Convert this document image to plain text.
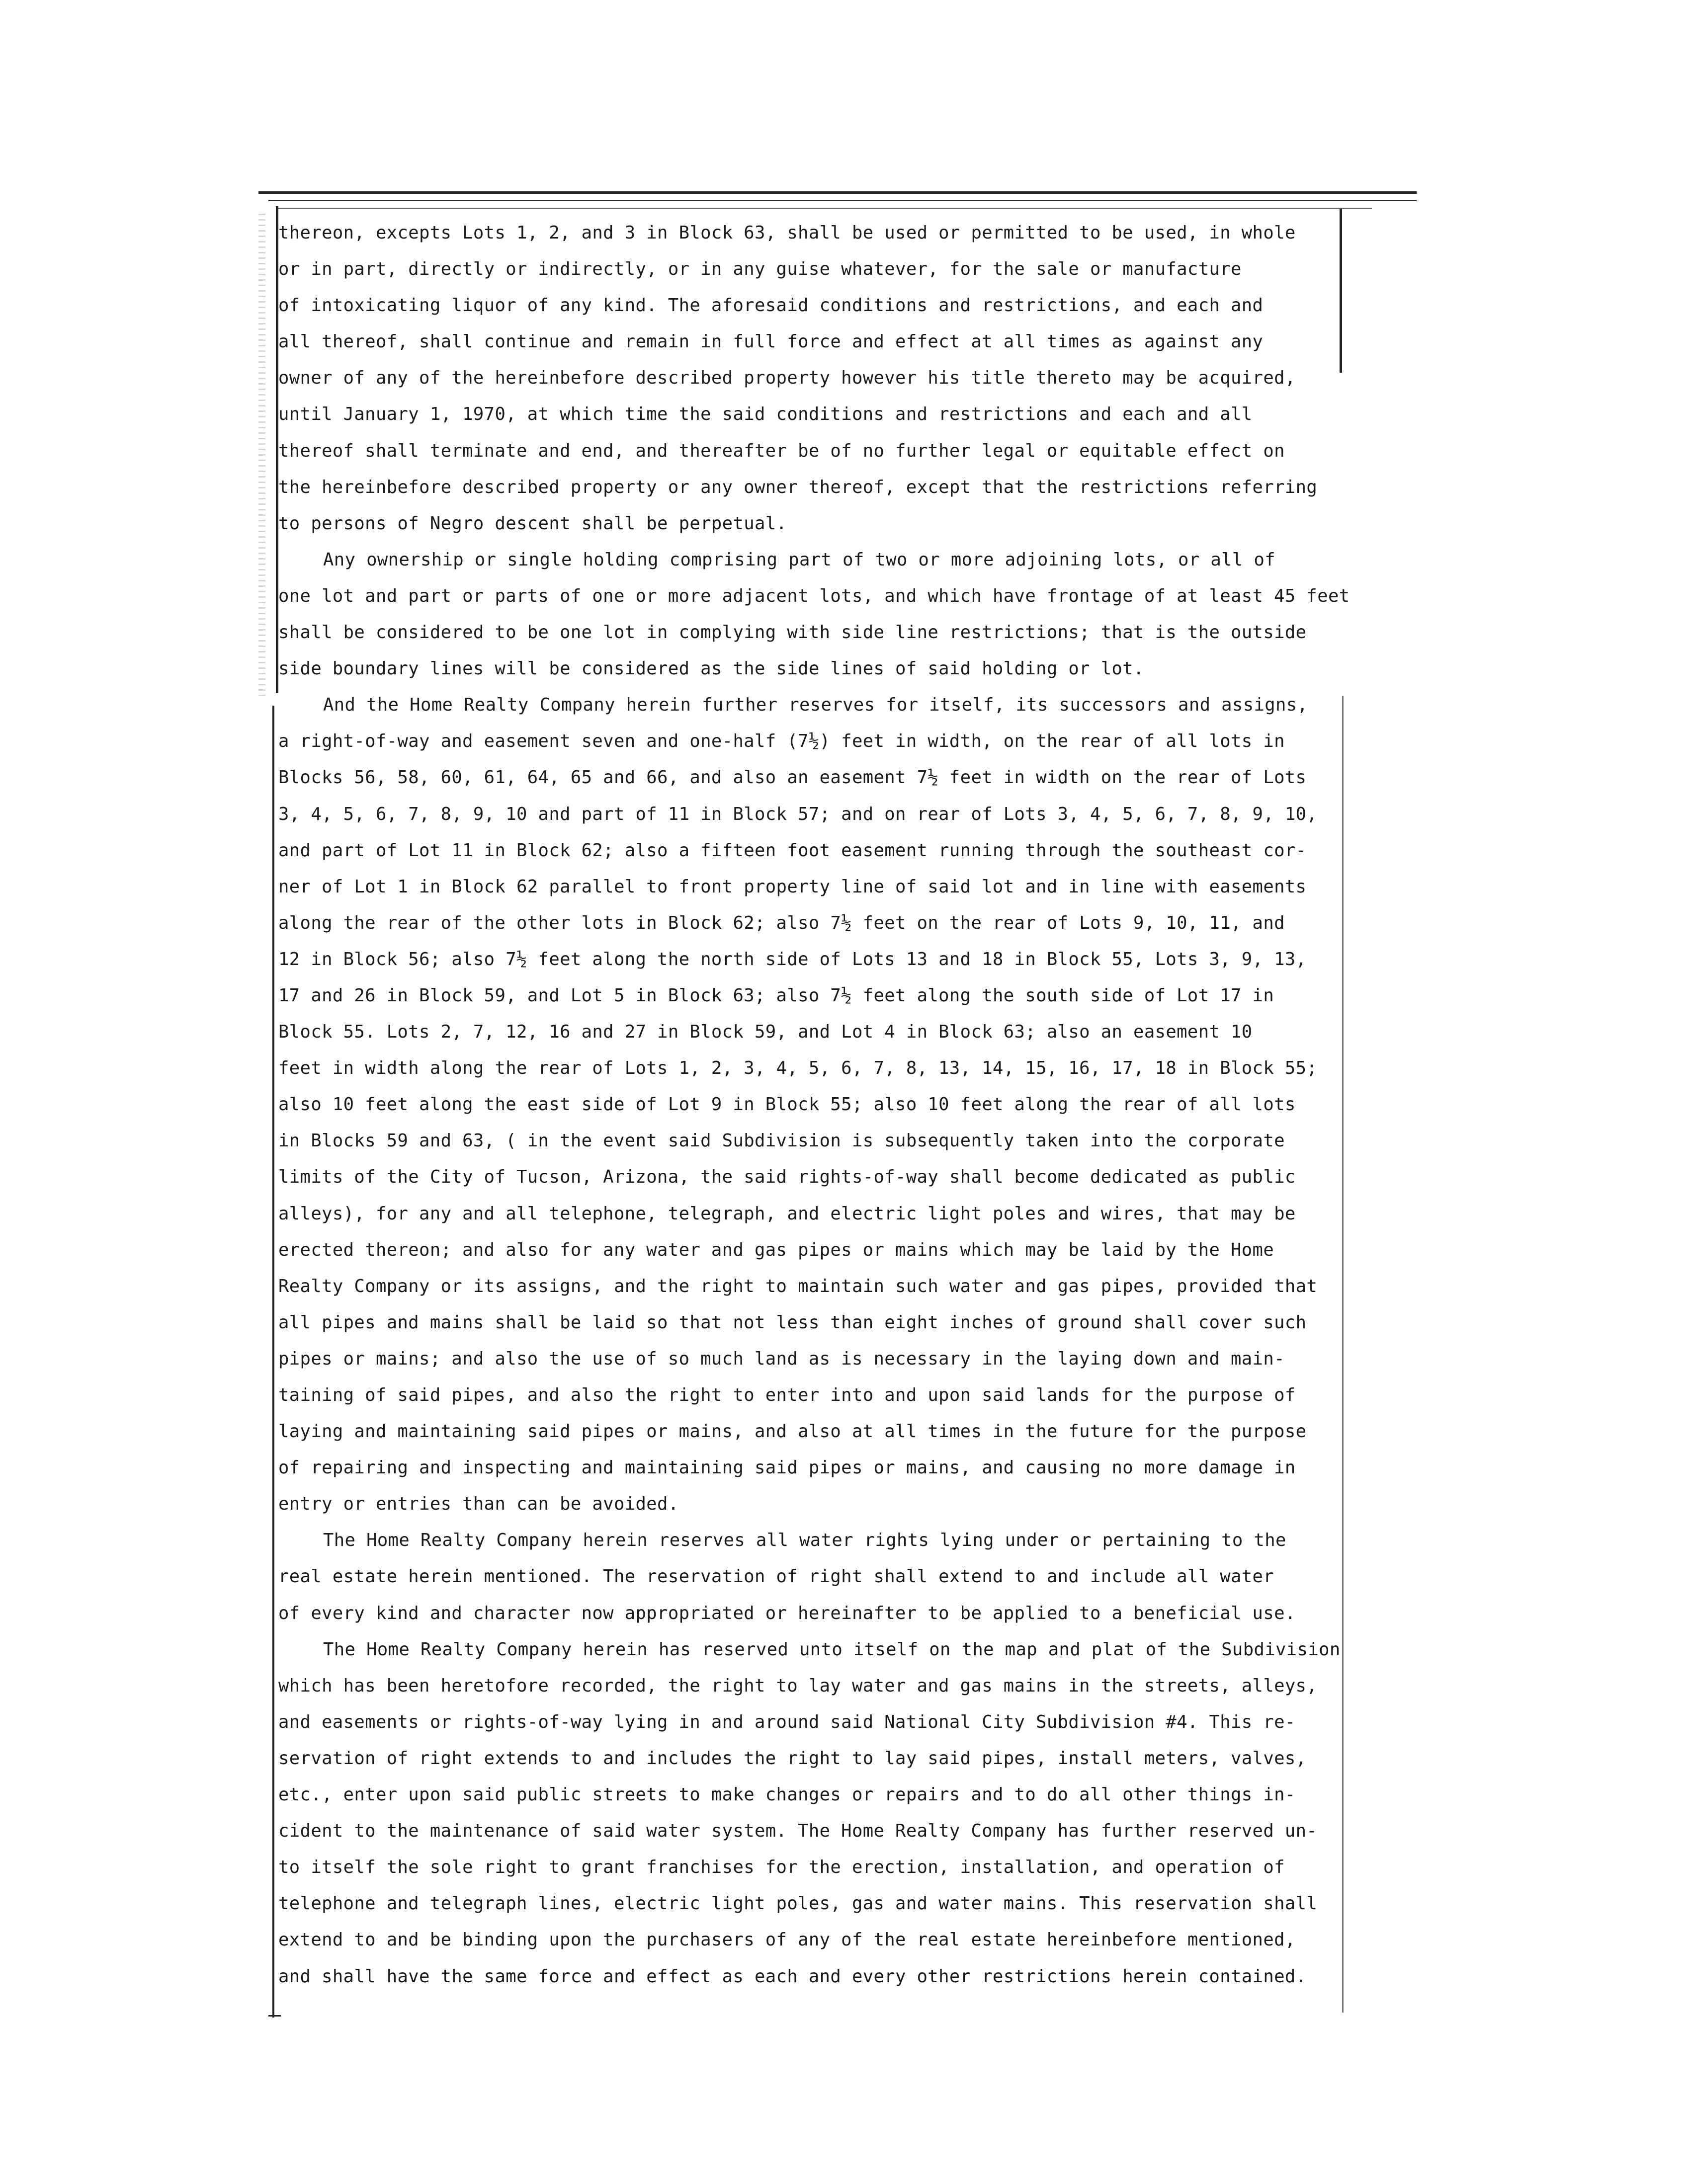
thereon, excepts Lots 1, 2, and 3 in Block 63, shall be used or permitted to be used, in whole
or in part, directly or indirectly, or in any guise whatever, for the sale or manufacture
of intoxicating liquor of any kind. The aforesaid conditions and restrictions, and each and
all thereof, shall continue and remain in full force and effect at all times as against any
owner of any of the hereinbefore described property however his title thereto may be acquired,
until January 1, 1970, at which time the said conditions and restrictions and each and all
thereof shall terminate and end, and thereafter be of no further legal or equitable effect on
the hereinbefore described property or any owner thereof, except that the restrictions referring
to persons of Negro descent shall be perpetual.
Any ownership or single holding comprising part of two or more adjoining lots, or all of
one lot and part or parts of one or more adjacent lots, and which have frontage of at least 45 feet
shall be considered to be one lot in complying with side line restrictions; that is the outside
side boundary lines will be considered as the side lines of said holding or lot.
And the Home Realty Company herein further reserves for itself, its successors and assigns,
a right-of-way and easement seven and one-half (7½) feet in width, on the rear of all lots in
Blocks 56, 58, 60, 61, 64, 65 and 66, and also an easement 7½ feet in width on the rear of Lots
3, 4, 5, 6, 7, 8, 9, 10 and part of 11 in Block 57; and on rear of Lots 3, 4, 5, 6, 7, 8, 9, 10,
and part of Lot 11 in Block 62; also a fifteen foot easement running through the southeast cor-
ner of Lot 1 in Block 62 parallel to front property line of said lot and in line with easements
along the rear of the other lots in Block 62; also 7½ feet on the rear of Lots 9, 10, 11, and
12 in Block 56; also 7½ feet along the north side of Lots 13 and 18 in Block 55, Lots 3, 9, 13,
17 and 26 in Block 59, and Lot 5 in Block 63; also 7½ feet along the south side of Lot 17 in
Block 55. Lots 2, 7, 12, 16 and 27 in Block 59, and Lot 4 in Block 63; also an easement 10
feet in width along the rear of Lots 1, 2, 3, 4, 5, 6, 7, 8, 13, 14, 15, 16, 17, 18 in Block 55;
also 10 feet along the east side of Lot 9 in Block 55; also 10 feet along the rear of all lots
in Blocks 59 and 63, ( in the event said Subdivision is subsequently taken into the corporate
limits of the City of Tucson, Arizona, the said rights-of-way shall become dedicated as public
alleys), for any and all telephone, telegraph, and electric light poles and wires, that may be
erected thereon; and also for any water and gas pipes or mains which may be laid by the Home
Realty Company or its assigns, and the right to maintain such water and gas pipes, provided that
all pipes and mains shall be laid so that not less than eight inches of ground shall cover such
pipes or mains; and also the use of so much land as is necessary in the laying down and main-
taining of said pipes, and also the right to enter into and upon said lands for the purpose of
laying and maintaining said pipes or mains, and also at all times in the future for the purpose
of repairing and inspecting and maintaining said pipes or mains, and causing no more damage in
entry or entries than can be avoided.
The Home Realty Company herein reserves all water rights lying under or pertaining to the
real estate herein mentioned. The reservation of right shall extend to and include all water
of every kind and character now appropriated or hereinafter to be applied to a beneficial use.
The Home Realty Company herein has reserved unto itself on the map and plat of the Subdivision
which has been heretofore recorded, the right to lay water and gas mains in the streets, alleys,
and easements or rights-of-way lying in and around said National City Subdivision #4. This re-
servation of right extends to and includes the right to lay said pipes, install meters, valves,
etc., enter upon said public streets to make changes or repairs and to do all other things in-
cident to the maintenance of said water system. The Home Realty Company has further reserved un-
to itself the sole right to grant franchises for the erection, installation, and operation of
telephone and telegraph lines, electric light poles, gas and water mains. This reservation shall
extend to and be binding upon the purchasers of any of the real estate hereinbefore mentioned,
and shall have the same force and effect as each and every other restrictions herein contained.
